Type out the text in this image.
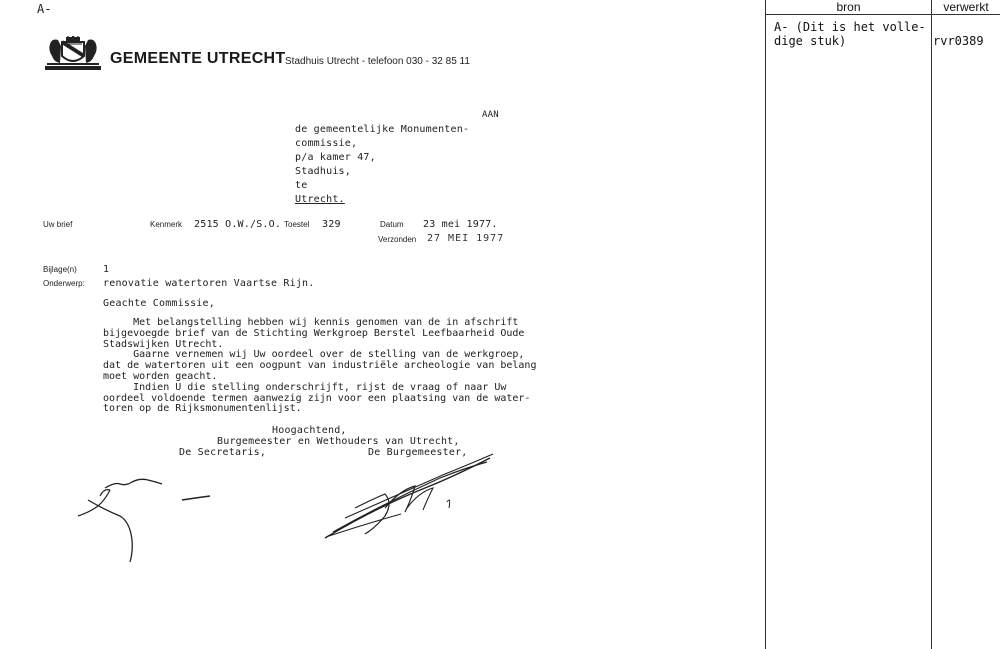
A-
GEMEENTE UTRECHT Stadhuis Utrecht - telefoon 030 - 32 85 11
AAN
de gemeentelijke Monumenten-
commissie,
p/a kamer 47,
Stadhuis,
te
Utrecht.
Uw brief	Kenmerk 2515 O.W./S.O. Toestel 329	Datum 23 mei 1977.
Verzonden 27 MEI 1977
Bijlage(n)	1
Onderwerp: renovatie watertoren Vaartse Rijn.
Geachte Commissie,
Met belangstelling hebben wij kennis genomen van de in afschrift
bijgevoegde brief van de Stichting Werkgroep Berstel Leefbaarheid Oude
Stadswijken Utrecht.
Gaarne vernemen wij Uw oordeel over de stelling van de werkgroep,
dat de watertoren uit een oogpunt van industriële archeologie van belang
moet worden geacht.
Indien U die stelling onderschrijft, rijst de vraag of naar Uw
oordeel voldoende termen aanwezig zijn voor een plaatsing van de water-
toren op de Rijksmonumentenlijst.
Hoogachtend,
Burgemeester en Wethouders van Utrecht,
De Secretaris,	De Burgemeester,
bron	verwerkt
A- (Dit is het volle-
dige stuk)	rvr0389
